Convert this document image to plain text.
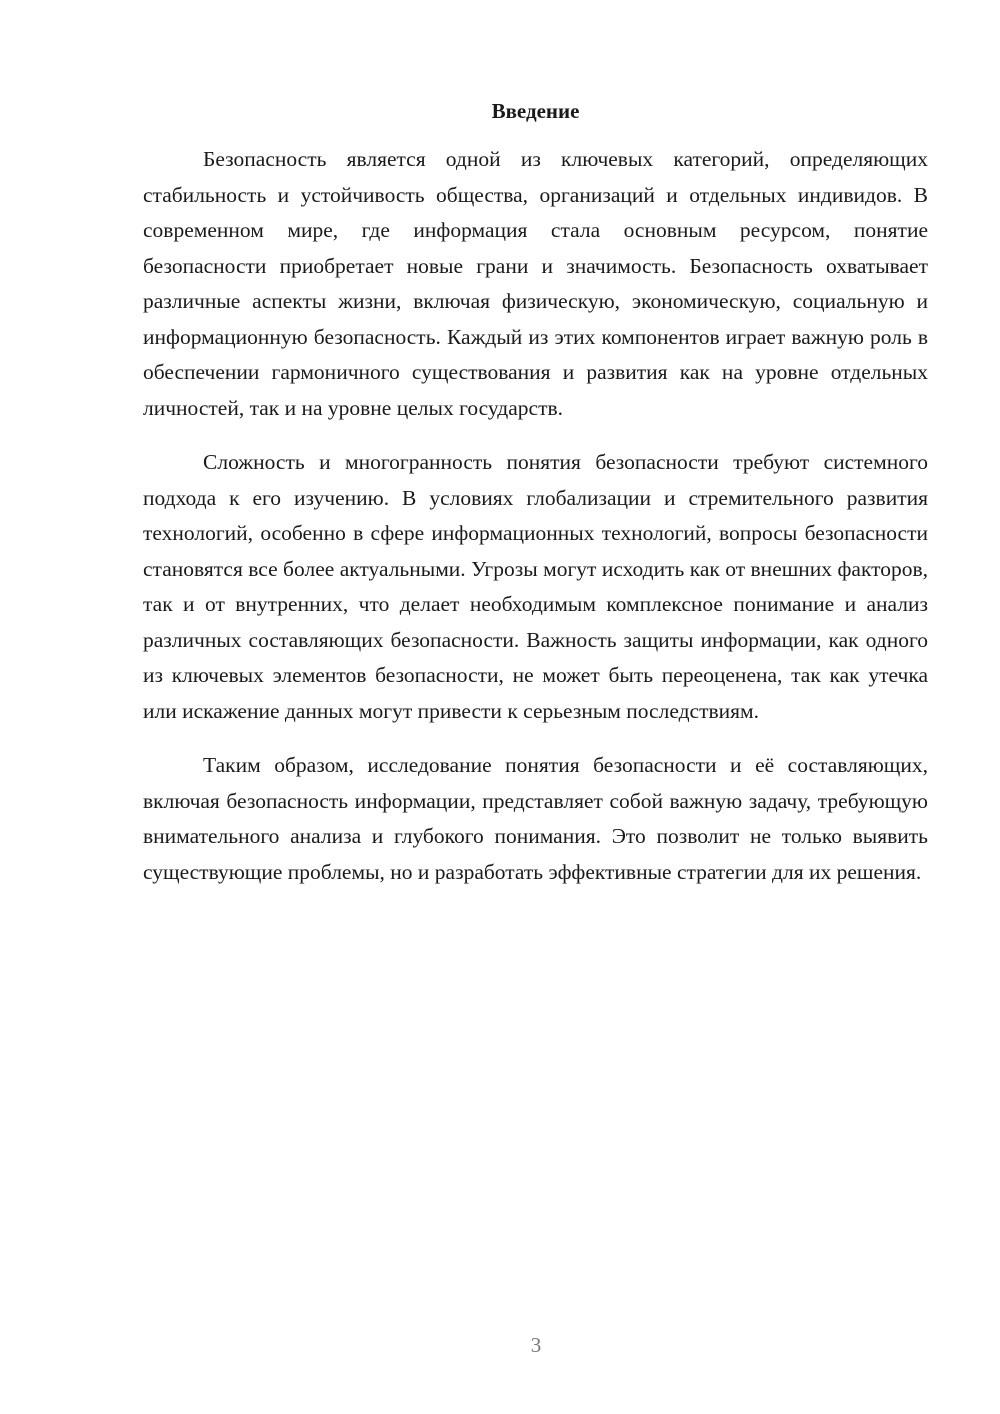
Введение

Безопасность является одной из ключевых категорий, определяющих стабильность и устойчивость общества, организаций и отдельных индивидов. В современном мире, где информация стала основным ресурсом, понятие безопасности приобретает новые грани и значимость. Безопасность охватывает различные аспекты жизни, включая физическую, экономическую, социальную и информационную безопасность. Каждый из этих компонентов играет важную роль в обеспечении гармоничного существования и развития как на уровне отдельных личностей, так и на уровне целых государств.

Сложность и многогранность понятия безопасности требуют системного подхода к его изучению. В условиях глобализации и стремительного развития технологий, особенно в сфере информационных технологий, вопросы безопасности становятся все более актуальными. Угрозы могут исходить как от внешних факторов, так и от внутренних, что делает необходимым комплексное понимание и анализ различных составляющих безопасности. Важность защиты информации, как одного из ключевых элементов безопасности, не может быть переоценена, так как утечка или искажение данных могут привести к серьезным последствиям.

Таким образом, исследование понятия безопасности и её составляющих, включая безопасность информации, представляет собой важную задачу, требующую внимательного анализа и глубокого понимания. Это позволит не только выявить существующие проблемы, но и разработать эффективные стратегии для их решения.

3
